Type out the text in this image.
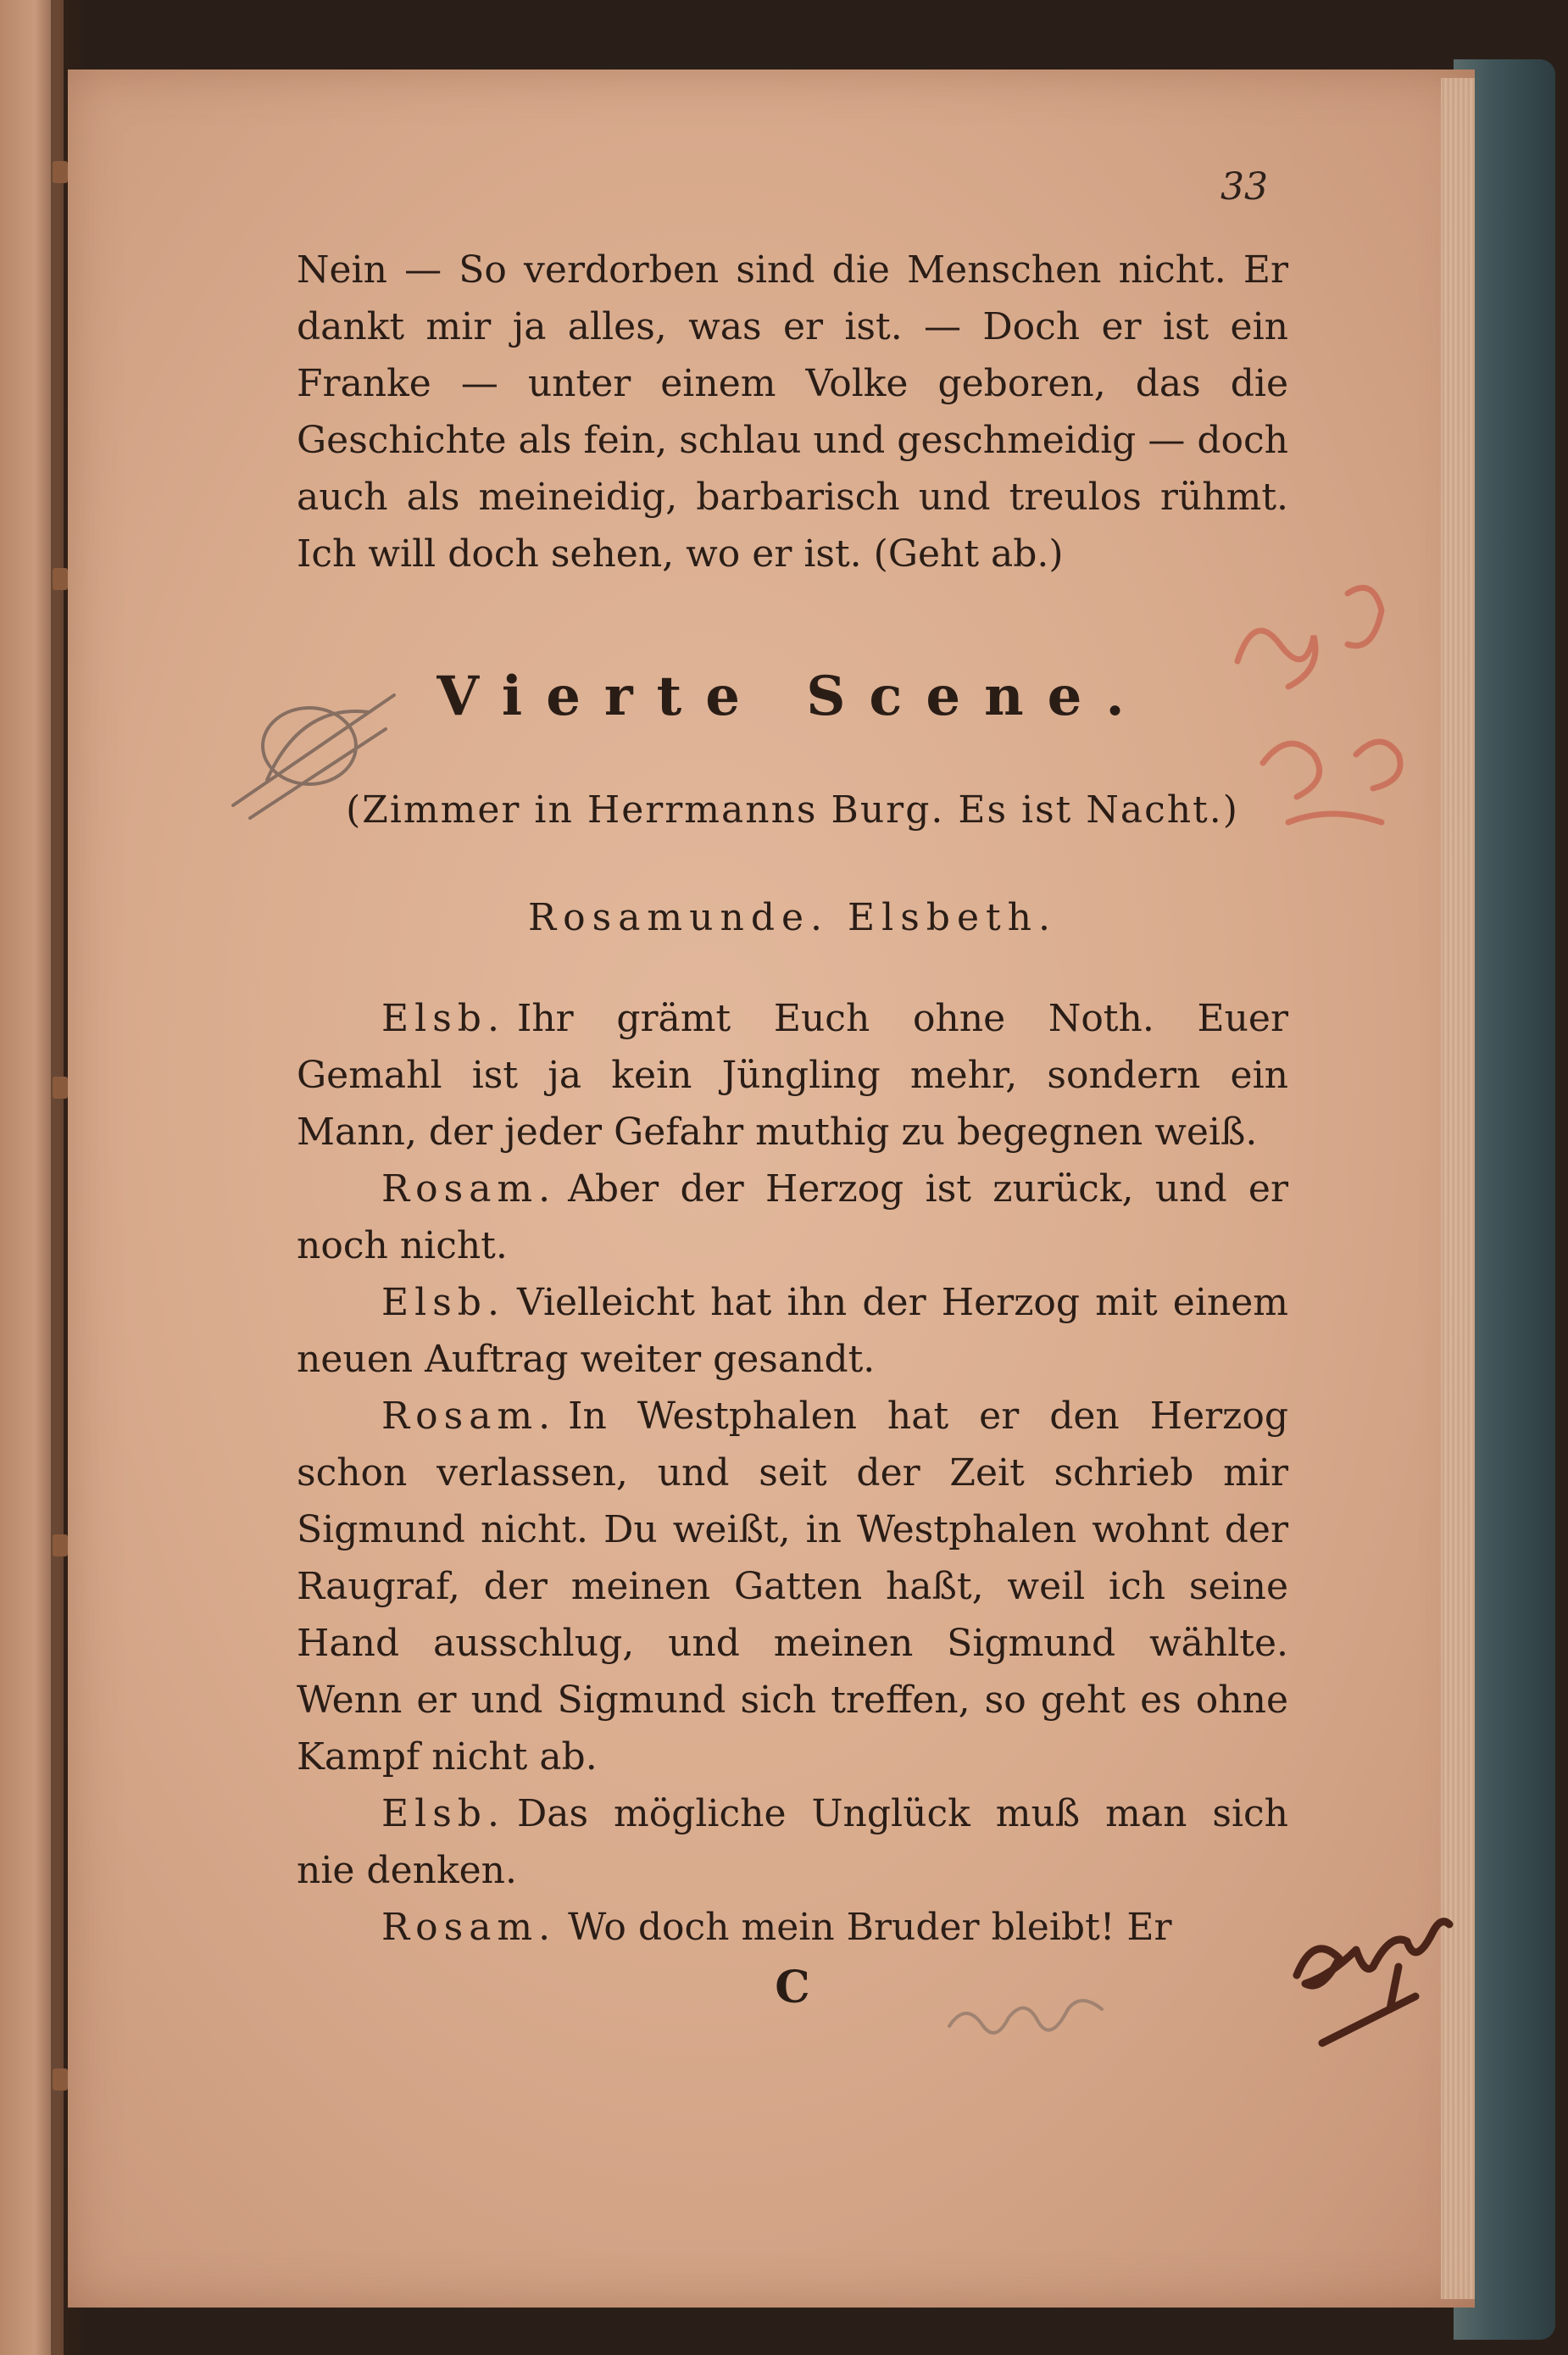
33

Nein — So verdorben sind die Menschen nicht. Er dankt mir ja alles, was er ist. — Doch er ist ein Franke — unter einem Volke geboren, das die Geschichte als fein, schlau und geschmeidig — doch auch als meineidig, barbarisch und treulos rühmt. Ich will doch sehen, wo er ist. (Geht ab.)

Vierte Scene.

(Zimmer in Herrmanns Burg. Es ist Nacht.)

Rosamunde. Elsbeth.

Elsb. Ihr grämt Euch ohne Noth. Euer Gemahl ist ja kein Jüngling mehr, sondern ein Mann, der jeder Gefahr muthig zu begegnen weiß.

Rosam. Aber der Herzog ist zurück, und er noch nicht.

Elsb. Vielleicht hat ihn der Herzog mit einem neuen Auftrag weiter gesandt.

Rosam. In Westphalen hat er den Herzog schon verlassen, und seit der Zeit schrieb mir Sigmund nicht. Du weißt, in Westphalen wohnt der Raugraf, der meinen Gatten haßt, weil ich seine Hand ausschlug, und meinen Sigmund wählte. Wenn er und Sigmund sich treffen, so geht es ohne Kampf nicht ab.

Elsb. Das mögliche Unglück muß man sich nie denken.

Rosam. Wo doch mein Bruder bleibt! Er

C
